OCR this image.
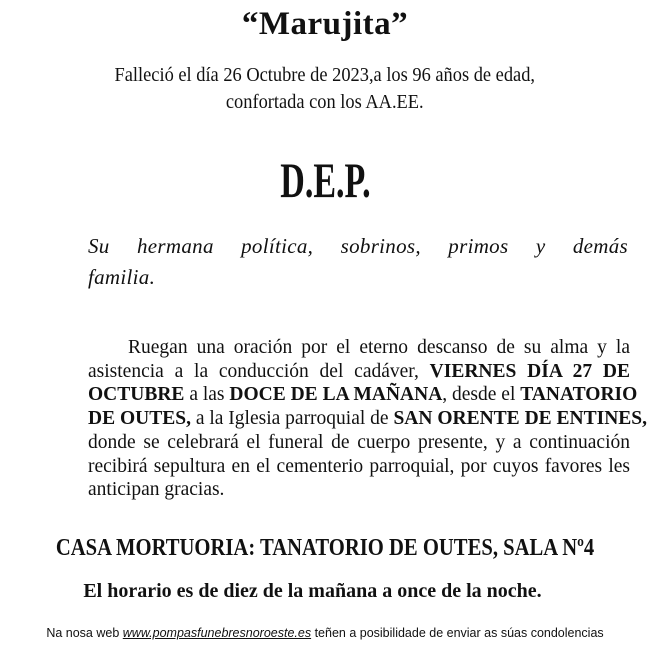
“Marujita”
Falleció el día 26 Octubre de 2023,a los 96 años de edad,
confortada con los AA.EE.
D.E.P.
Su hermana política, sobrinos, primos y demás
familia.
Ruegan una oración por el eterno descanso de su alma y la
asistencia a la conducción del cadáver, VIERNES DÍA 27 DE
OCTUBRE a las DOCE DE LA MAÑANA, desde el TANATORIO
DE OUTES, a la Iglesia parroquial de SAN ORENTE DE ENTINES,
donde se celebrará el funeral de cuerpo presente, y a continuación
recibirá sepultura en el cementerio parroquial, por cuyos favores les
anticipan gracias.
CASA MORTUORIA: TANATORIO DE OUTES, SALA Nº4
El horario es de diez de la mañana a once de la noche.
Na nosa web www.pompasfunebresnoroeste.es teñen a posibilidade de enviar as súas condolencias
